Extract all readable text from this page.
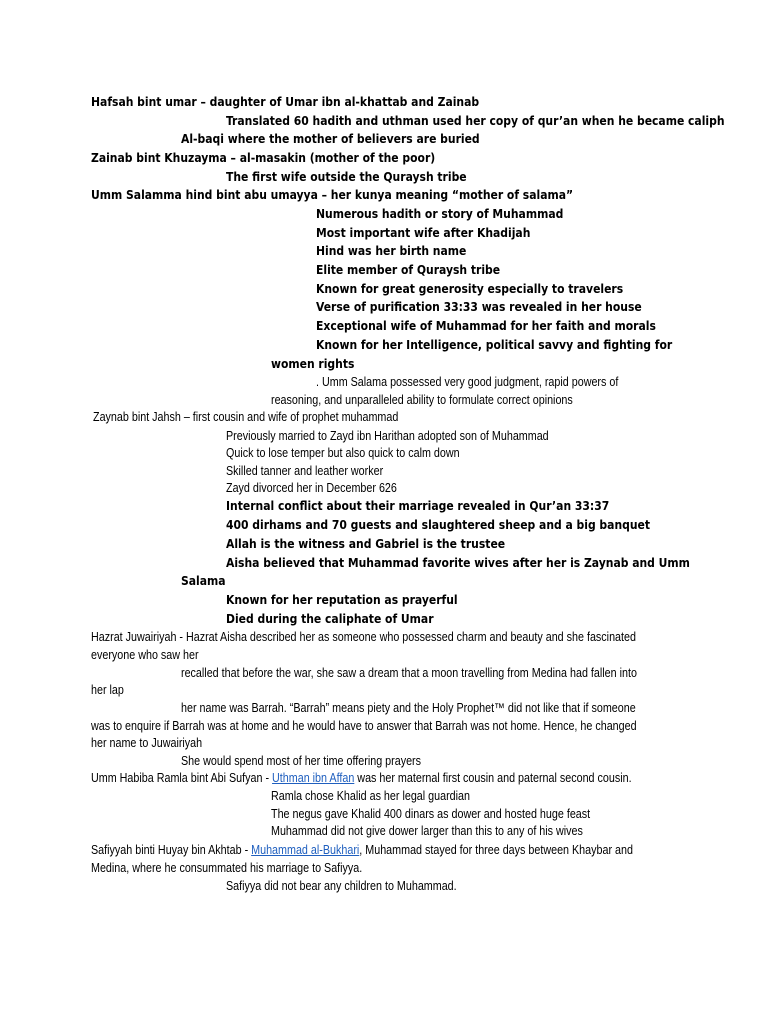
Hafsah bint umar – daughter of Umar ibn al-khattab and Zainab
Translated 60 hadith and uthman used her copy of qur’an when he became caliph
Al-baqi where the mother of believers are buried
Zainab bint Khuzayma – al-masakin (mother of the poor)
The first wife outside the Quraysh tribe
Umm Salamma hind bint abu umayya – her kunya meaning “mother of salama”
Numerous hadith or story of Muhammad
Most important wife after Khadijah
Hind was her birth name
Elite member of Quraysh tribe
Known for great generosity especially to travelers
Verse of purification 33:33 was revealed in her house
Exceptional wife of Muhammad for her faith and morals
Known for her Intelligence, political savvy and fighting for
women rights
. Umm Salama possessed very good judgment, rapid powers of
reasoning, and unparalleled ability to formulate correct opinions
Zaynab bint Jahsh – first cousin and wife of prophet muhammad
Previously married to Zayd ibn Harithan adopted son of Muhammad
Quick to lose temper but also quick to calm down
Skilled tanner and leather worker
Zayd divorced her in December 626
Internal conflict about their marriage revealed in Qur’an 33:37
400 dirhams and 70 guests and slaughtered sheep and a big banquet
Allah is the witness and Gabriel is the trustee
Aisha believed that Muhammad favorite wives after her is Zaynab and Umm
Salama
Known for her reputation as prayerful
Died during the caliphate of Umar
Hazrat Juwairiyah - Hazrat Aisha described her as someone who possessed charm and beauty and she fascinated
everyone who saw her
recalled that before the war, she saw a dream that a moon travelling from Medina had fallen into
her lap
her name was Barrah. “Barrah” means piety and the Holy Prophet™ did not like that if someone
was to enquire if Barrah was at home and he would have to answer that Barrah was not home. Hence, he changed
her name to Juwairiyah
She would spend most of her time offering prayers
Umm Habiba Ramla bint Abi Sufyan - Uthman ibn Affan was her maternal first cousin and paternal second cousin.
Ramla chose Khalid as her legal guardian
The negus gave Khalid 400 dinars as dower and hosted huge feast
Muhammad did not give dower larger than this to any of his wives
Safiyyah binti Huyay bin Akhtab - Muhammad al-Bukhari, Muhammad stayed for three days between Khaybar and
Medina, where he consummated his marriage to Safiyya.
Safiyya did not bear any children to Muhammad.
